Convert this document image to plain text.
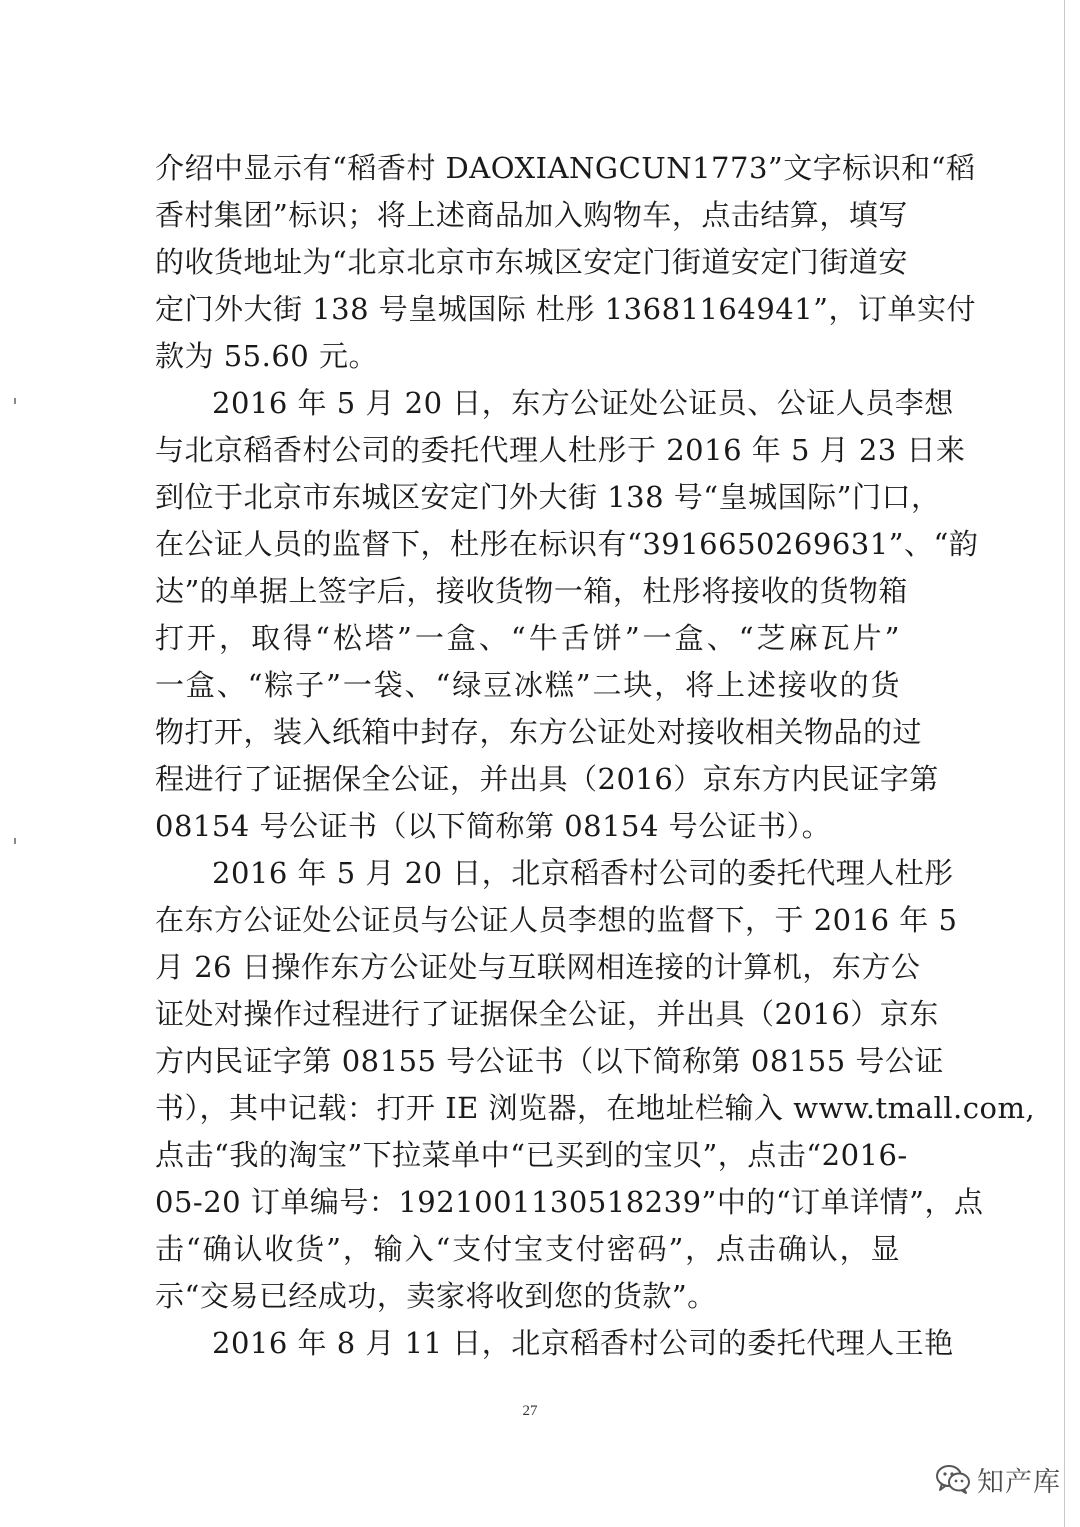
介绍中显示有“稻香村 DAOXIANGCUN1773”文字标识和“稻
香村集团”标识；将上述商品加入购物车，点击结算，填写
的收货地址为“北京北京市东城区安定门街道安定门街道安
定门外大街 138 号皇城国际 杜彤 13681164941”，订单实付
款为 55.60 元。
2016 年 5 月 20 日，东方公证处公证员、公证人员李想
与北京稻香村公司的委托代理人杜彤于 2016 年 5 月 23 日来
到位于北京市东城区安定门外大街 138 号“皇城国际”门口，
在公证人员的监督下，杜彤在标识有“3916650269631”、“韵
达”的单据上签字后，接收货物一箱，杜彤将接收的货物箱
打开，取得“松塔”一盒、“牛舌饼”一盒、“芝麻瓦片”
一盒、“粽子”一袋、“绿豆冰糕”二块，将上述接收的货
物打开，装入纸箱中封存，东方公证处对接收相关物品的过
程进行了证据保全公证，并出具（2016）京东方内民证字第
08154 号公证书（以下简称第 08154 号公证书）。
2016 年 5 月 20 日，北京稻香村公司的委托代理人杜彤
在东方公证处公证员与公证人员李想的监督下，于 2016 年 5
月 26 日操作东方公证处与互联网相连接的计算机，东方公
证处对操作过程进行了证据保全公证，并出具（2016）京东
方内民证字第 08155 号公证书（以下简称第 08155 号公证
书），其中记载：打开 IE 浏览器，在地址栏输入 www.tmall.com,
点击“我的淘宝”下拉菜单中“已买到的宝贝”，点击“2016-
05-20 订单编号：1921001130518239”中的“订单详情”，点
击“确认收货”，输入“支付宝支付密码”，点击确认，显
示“交易已经成功，卖家将收到您的货款”。
2016 年 8 月 11 日，北京稻香村公司的委托代理人王艳
27
知产库
